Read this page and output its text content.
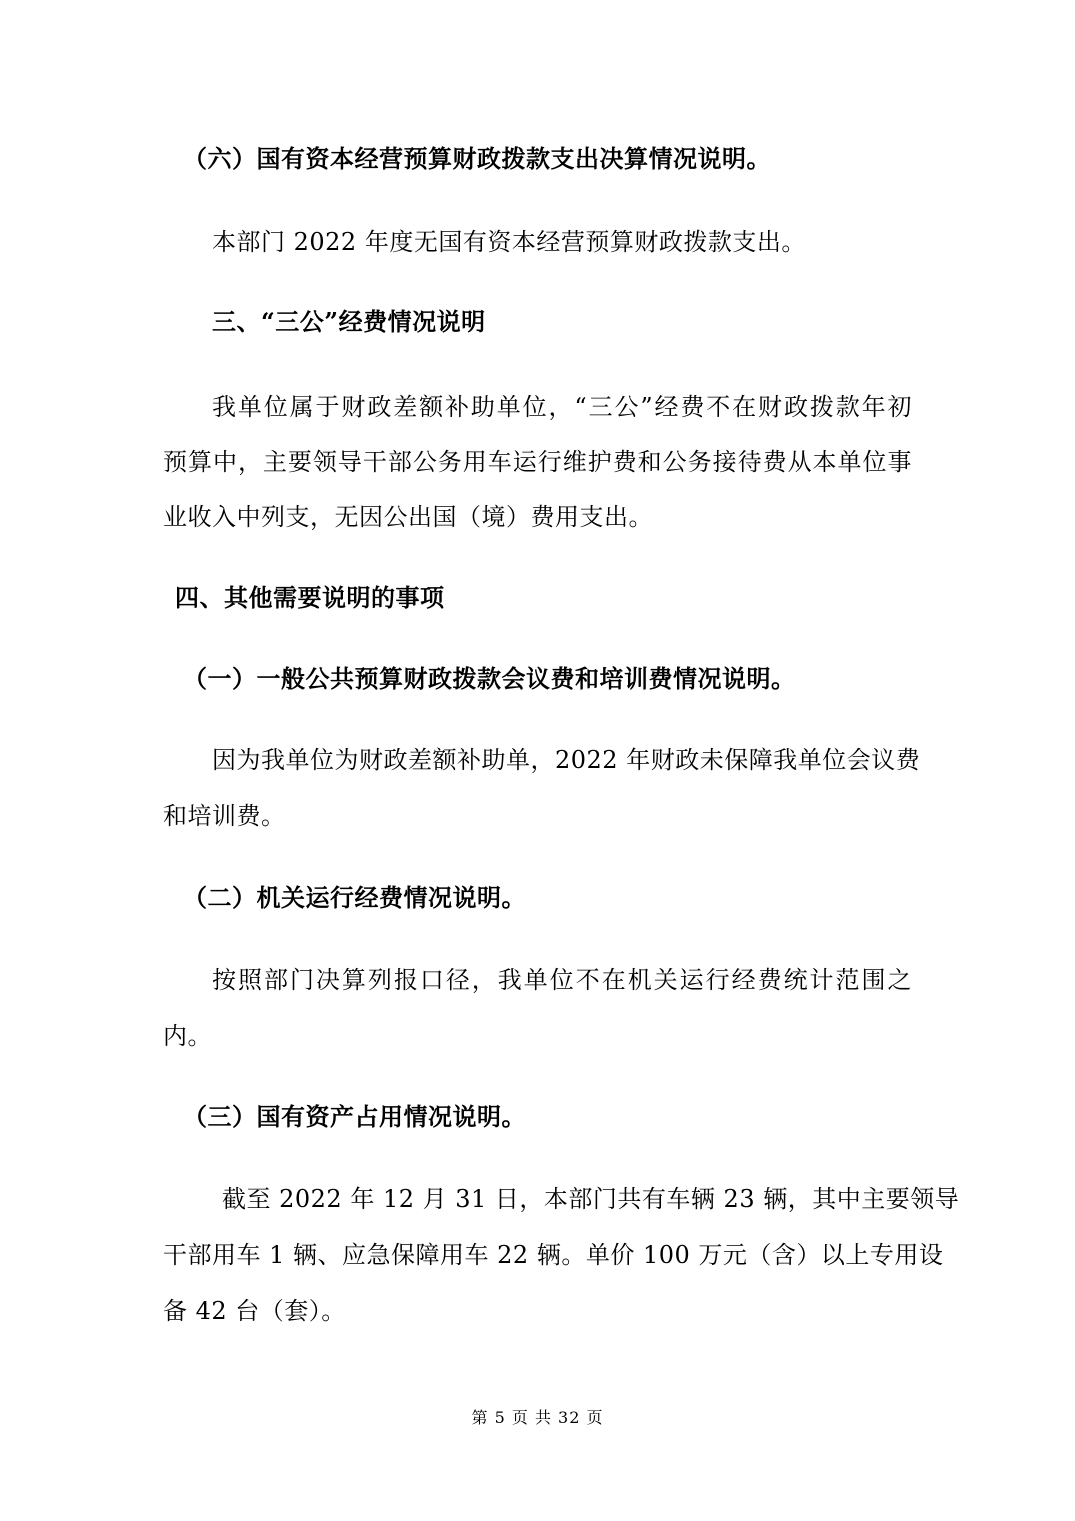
（六）国有资本经营预算财政拨款支出决算情况说明。
本部门 2022 年度无国有资本经营预算财政拨款支出。
三、“三公”经费情况说明
我单位属于财政差额补助单位，“三公”经费不在财政拨款年初
预算中，主要领导干部公务用车运行维护费和公务接待费从本单位事
业收入中列支，无因公出国（境）费用支出。
四、其他需要说明的事项
（一）一般公共预算财政拨款会议费和培训费情况说明。
因为我单位为财政差额补助单，2022 年财政未保障我单位会议费
和培训费。
（二）机关运行经费情况说明。
按照部门决算列报口径，我单位不在机关运行经费统计范围之
内。
（三）国有资产占用情况说明。
截至 2022 年 12 月 31 日，本部门共有车辆 23 辆，其中主要领导
干部用车 1 辆、应急保障用车 22 辆。单价 100 万元（含）以上专用设
备 42 台（套）。
第 5 页 共 32 页
